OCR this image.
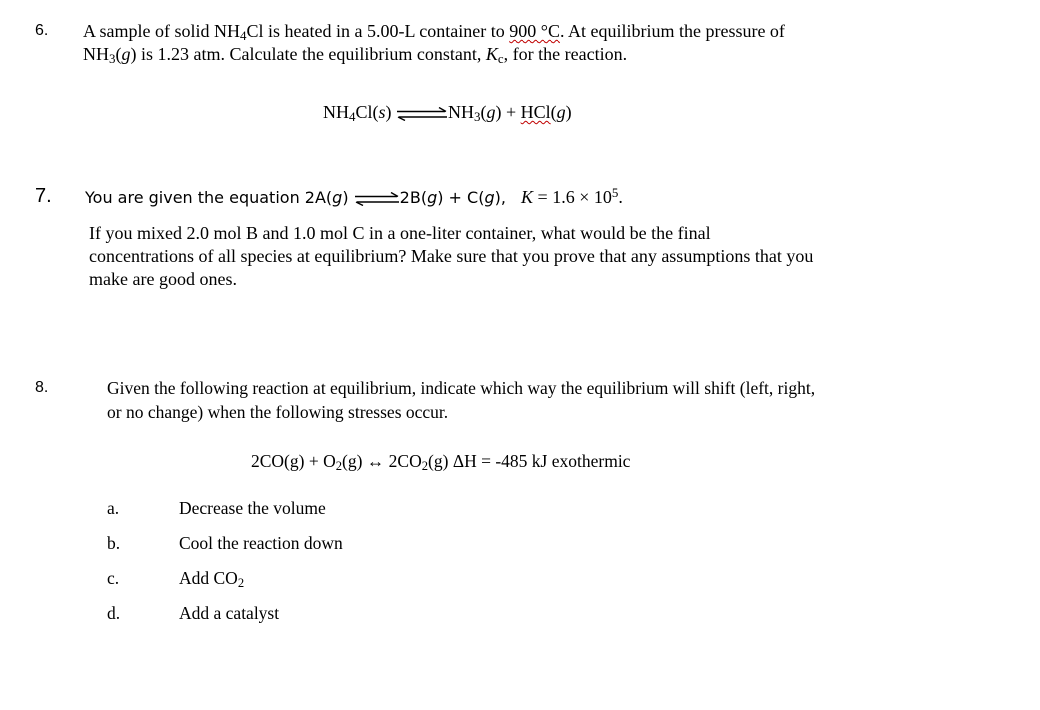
6. A sample of solid $NH_4Cl$ is heated in a 5.00-L container to 900 °C. At equilibrium the pressure of
$NH_3(g)$ is 1.23 atm. Calculate the equilibrium constant, $K_c$, for the reaction.
$NH_4Cl(s)$ $\rightleftharpoons NH_3(g) + HCl(g)$
7. You are given the equation 2A(g) ⇌2B(g) + C(g), $K = 1.6 \times 10^5$.
If you mixed 2.0 mol B and 1.0 mol C in a one-liter container, what would be the final
concentrations of all species at equilibrium? Make sure that you prove that any assumptions that you
make are good ones.
8.	Given the following reaction at equilibrium, indicate which way the equilibrium will shift (left, right,
or no change) when the following stresses occur.
$2CO(g) + O_2(g)$ ↔ $2CO_2(g) \Delta H = -485$ kJ exothermic
a.	Decrease the volume
b.	Cool the reaction down
c.	Add $CO_2$
d.	Add a catalyst
